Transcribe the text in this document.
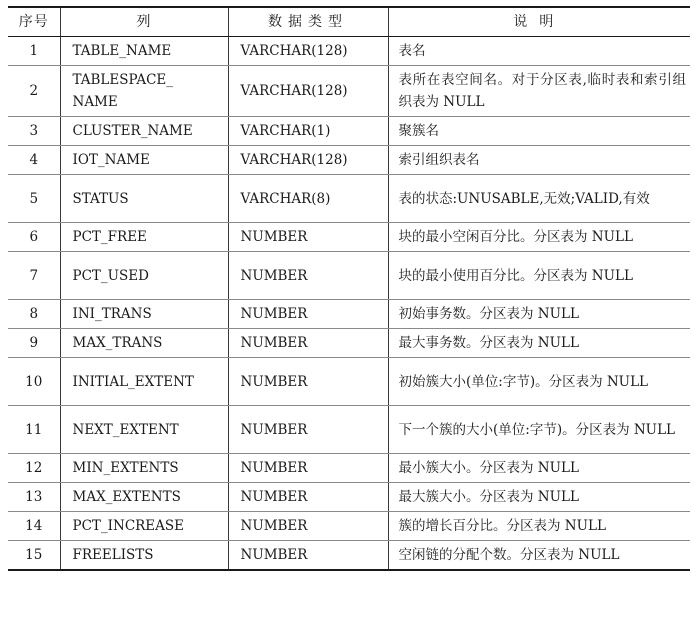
序号	列	数据类型	说明
1	TABLE_NAME	VARCHAR(128)	表名
2	TABLESPACE_ NAME	VARCHAR(128)	表所在表空间名。对于分区表,临时表和索引组织表为 NULL
3	CLUSTER_NAME	VARCHAR(1)	聚簇名
4	IOT_NAME	VARCHAR(128)	索引组织表名
5	STATUS	VARCHAR(8)	表的状态:UNUSABLE,无效;VALID,有效
6	PCT_FREE	NUMBER	块的最小空闲百分比。分区表为 NULL
7	PCT_USED	NUMBER	块的最小使用百分比。分区表为 NULL
8	INI_TRANS	NUMBER	初始事务数。分区表为 NULL
9	MAX_TRANS	NUMBER	最大事务数。分区表为 NULL
10	INITIAL_EXTENT	NUMBER	初始簇大小(单位:字节)。分区表为 NULL
11	NEXT_EXTENT	NUMBER	下一个簇的大小(单位:字节)。分区表为 NULL
12	MIN_EXTENTS	NUMBER	最小簇大小。分区表为 NULL
13	MAX_EXTENTS	NUMBER	最大簇大小。分区表为 NULL
14	PCT_INCREASE	NUMBER	簇的增长百分比。分区表为 NULL
15	FREELISTS	NUMBER	空闲链的分配个数。分区表为 NULL
